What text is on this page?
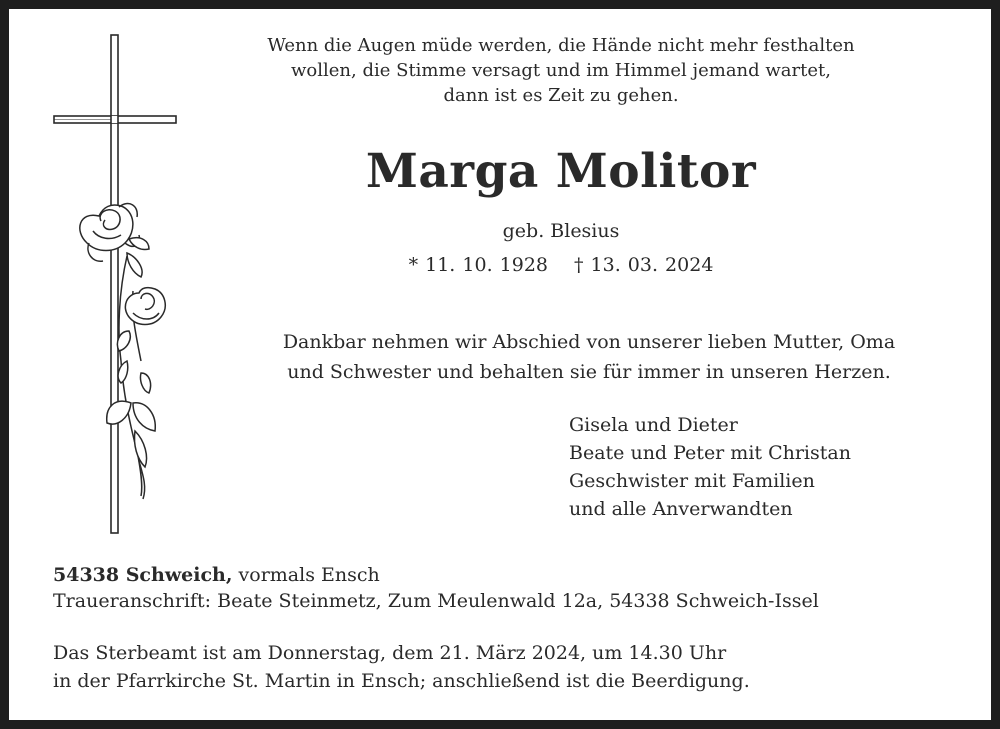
Wenn die Augen müde werden, die Hände nicht mehr festhalten
wollen, die Stimme versagt und im Himmel jemand wartet,
dann ist es Zeit zu gehen.
Marga Molitor
geb. Blesius
* 11. 10. 1928 † 13. 03. 2024
Dankbar nehmen wir Abschied von unserer lieben Mutter, Oma
und Schwester und behalten sie für immer in unseren Herzen.
Gisela und Dieter
Beate und Peter mit Christan
Geschwister mit Familien
und alle Anverwandten
54338 Schweich, vormals Ensch
Traueranschrift: Beate Steinmetz, Zum Meulenwald 12a, 54338 Schweich-Issel
Das Sterbeamt ist am Donnerstag, dem 21. März 2024, um 14.30 Uhr
in der Pfarrkirche St. Martin in Ensch; anschließend ist die Beerdigung.
